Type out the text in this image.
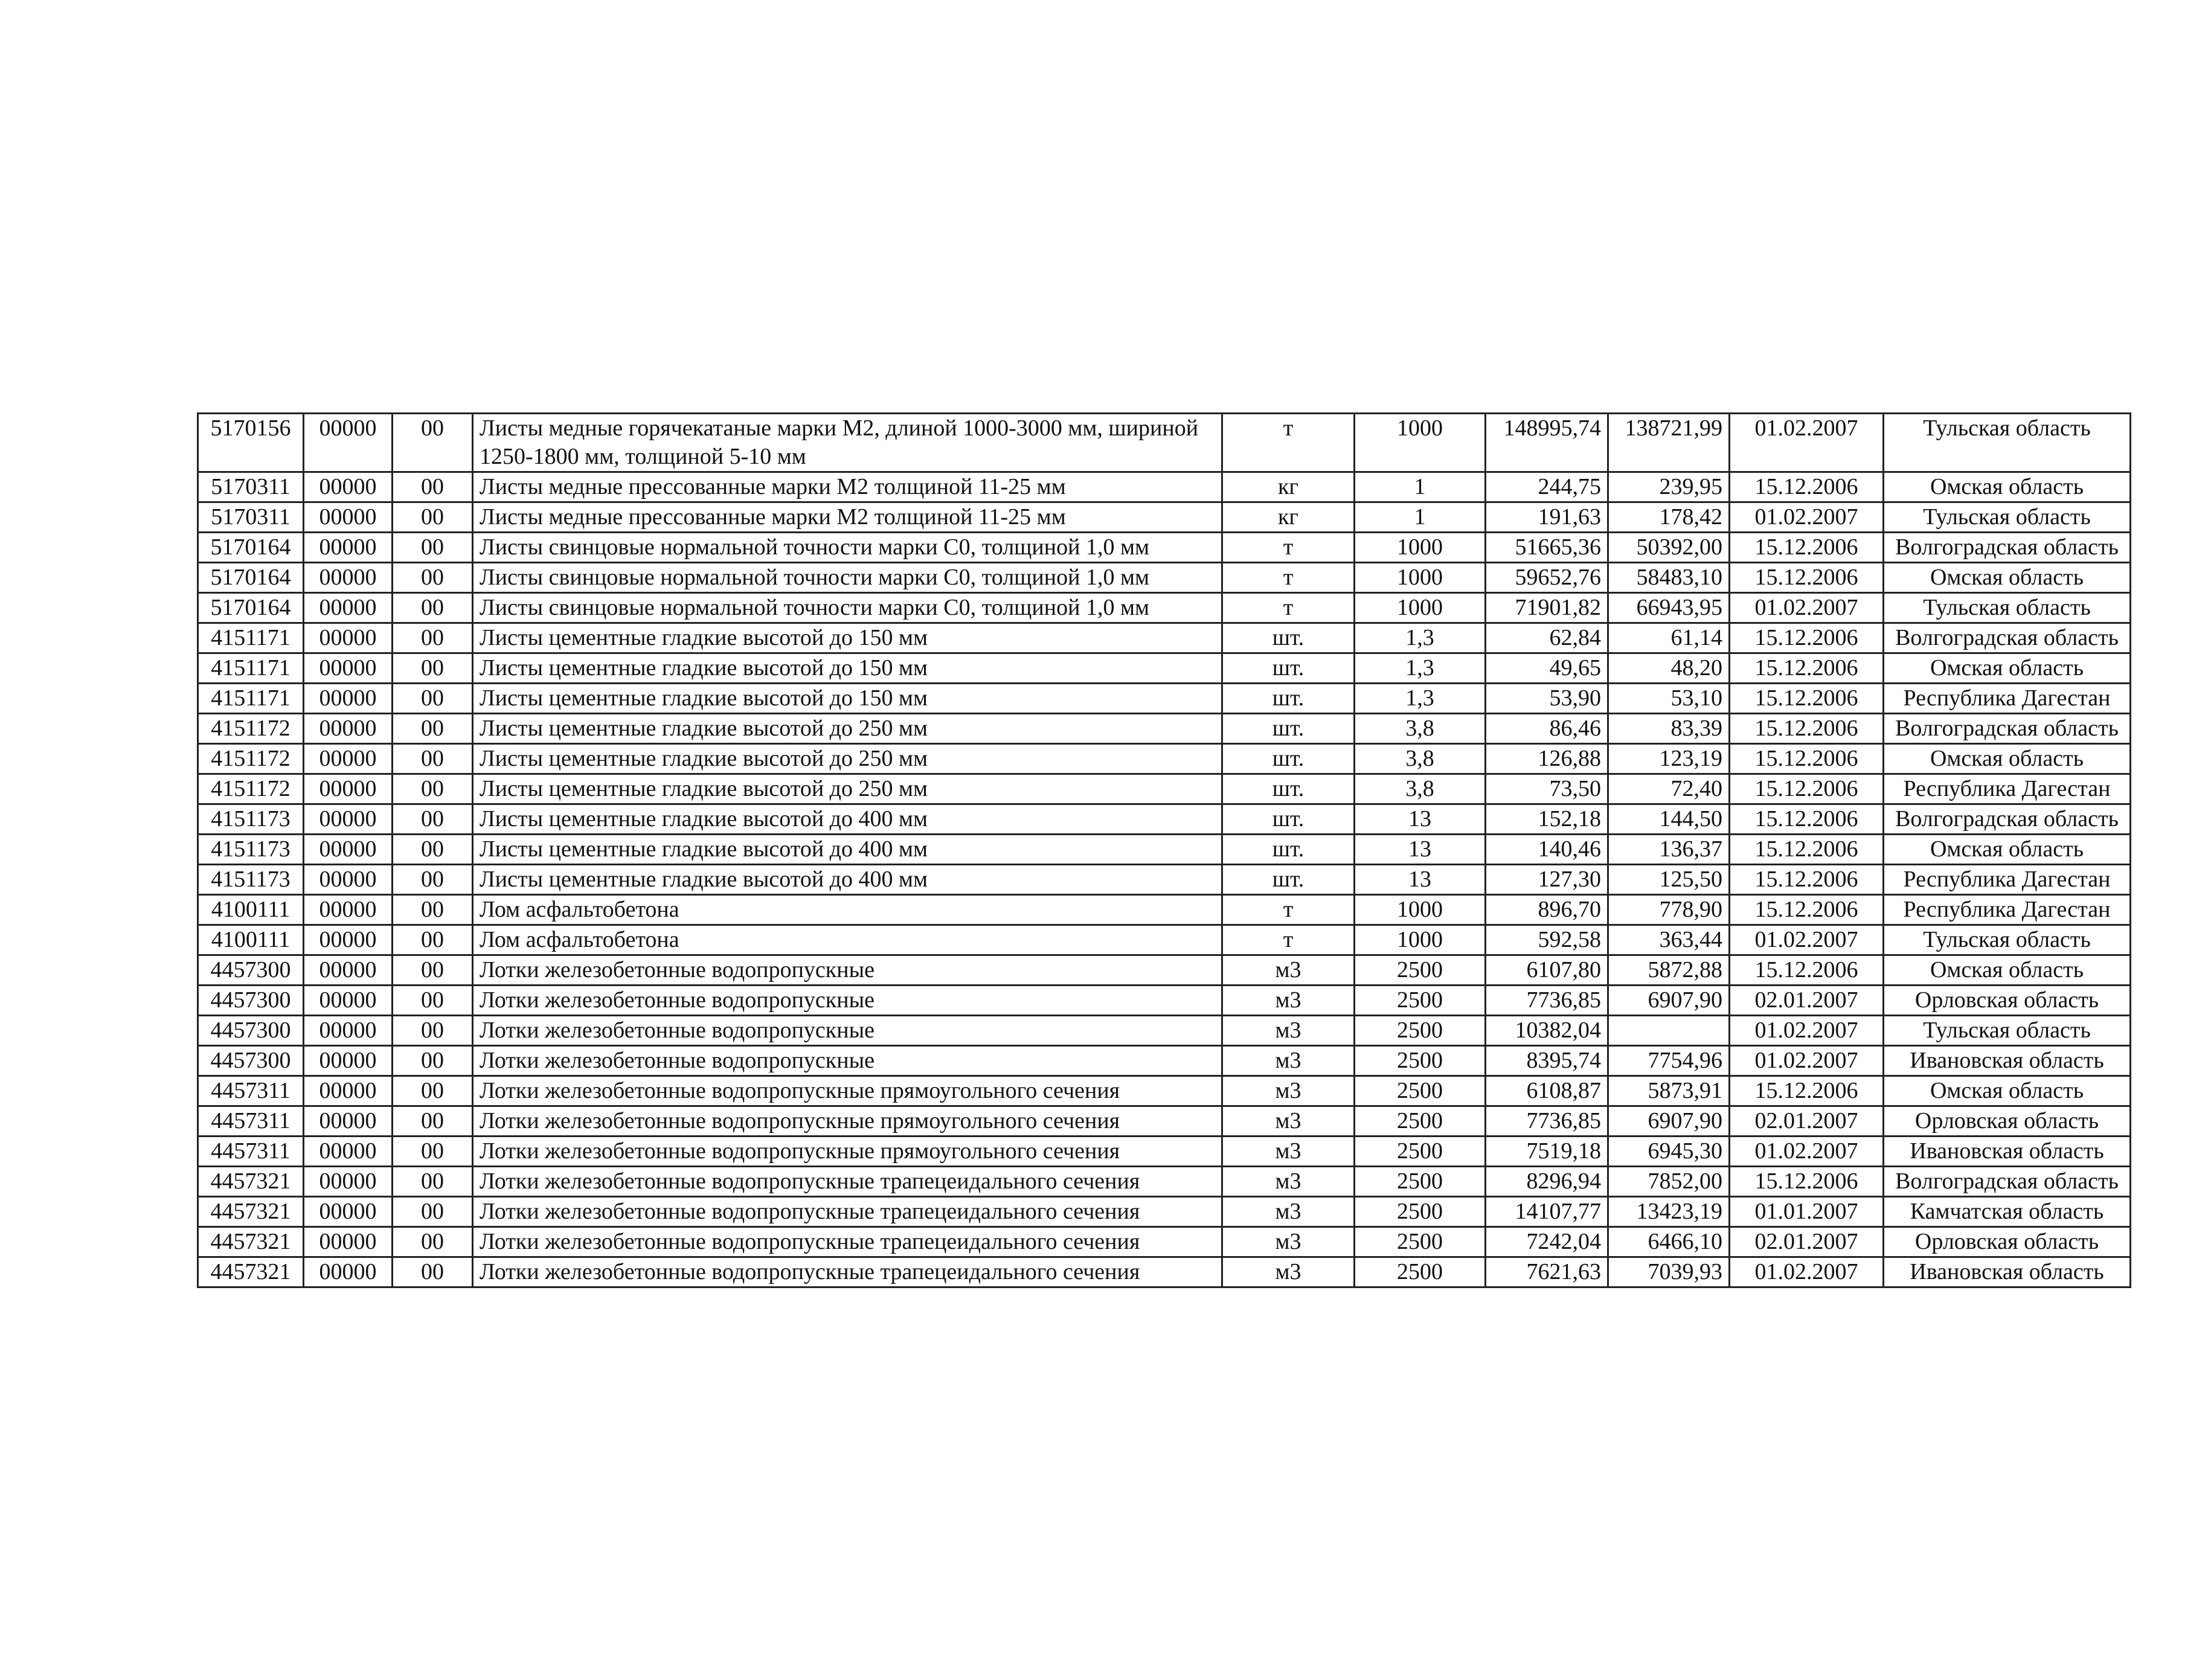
5170156	00000	00	Листы медные горячекатаные марки М2, длиной 1000-3000 мм, шириной 1250-1800 мм, толщиной 5-10 мм	т	1000	148995,74	138721,99	01.02.2007	Тульская область
5170311	00000	00	Листы медные прессованные марки М2 толщиной 11-25 мм	кг	1	244,75	239,95	15.12.2006	Омская область
5170311	00000	00	Листы медные прессованные марки М2 толщиной 11-25 мм	кг	1	191,63	178,42	01.02.2007	Тульская область
5170164	00000	00	Листы свинцовые нормальной точности марки С0, толщиной 1,0 мм	т	1000	51665,36	50392,00	15.12.2006	Волгоградская область
5170164	00000	00	Листы свинцовые нормальной точности марки С0, толщиной 1,0 мм	т	1000	59652,76	58483,10	15.12.2006	Омская область
5170164	00000	00	Листы свинцовые нормальной точности марки С0, толщиной 1,0 мм	т	1000	71901,82	66943,95	01.02.2007	Тульская область
4151171	00000	00	Листы цементные гладкие высотой до 150 мм	шт.	1,3	62,84	61,14	15.12.2006	Волгоградская область
4151171	00000	00	Листы цементные гладкие высотой до 150 мм	шт.	1,3	49,65	48,20	15.12.2006	Омская область
4151171	00000	00	Листы цементные гладкие высотой до 150 мм	шт.	1,3	53,90	53,10	15.12.2006	Республика Дагестан
4151172	00000	00	Листы цементные гладкие высотой до 250 мм	шт.	3,8	86,46	83,39	15.12.2006	Волгоградская область
4151172	00000	00	Листы цементные гладкие высотой до 250 мм	шт.	3,8	126,88	123,19	15.12.2006	Омская область
4151172	00000	00	Листы цементные гладкие высотой до 250 мм	шт.	3,8	73,50	72,40	15.12.2006	Республика Дагестан
4151173	00000	00	Листы цементные гладкие высотой до 400 мм	шт.	13	152,18	144,50	15.12.2006	Волгоградская область
4151173	00000	00	Листы цементные гладкие высотой до 400 мм	шт.	13	140,46	136,37	15.12.2006	Омская область
4151173	00000	00	Листы цементные гладкие высотой до 400 мм	шт.	13	127,30	125,50	15.12.2006	Республика Дагестан
4100111	00000	00	Лом асфальтобетона	т	1000	896,70	778,90	15.12.2006	Республика Дагестан
4100111	00000	00	Лом асфальтобетона	т	1000	592,58	363,44	01.02.2007	Тульская область
4457300	00000	00	Лотки железобетонные водопропускные	м3	2500	6107,80	5872,88	15.12.2006	Омская область
4457300	00000	00	Лотки железобетонные водопропускные	м3	2500	7736,85	6907,90	02.01.2007	Орловская область
4457300	00000	00	Лотки железобетонные водопропускные	м3	2500	10382,04		01.02.2007	Тульская область
4457300	00000	00	Лотки железобетонные водопропускные	м3	2500	8395,74	7754,96	01.02.2007	Ивановская область
4457311	00000	00	Лотки железобетонные водопропускные прямоугольного сечения	м3	2500	6108,87	5873,91	15.12.2006	Омская область
4457311	00000	00	Лотки железобетонные водопропускные прямоугольного сечения	м3	2500	7736,85	6907,90	02.01.2007	Орловская область
4457311	00000	00	Лотки железобетонные водопропускные прямоугольного сечения	м3	2500	7519,18	6945,30	01.02.2007	Ивановская область
4457321	00000	00	Лотки железобетонные водопропускные трапецеидального сечения	м3	2500	8296,94	7852,00	15.12.2006	Волгоградская область
4457321	00000	00	Лотки железобетонные водопропускные трапецеидального сечения	м3	2500	14107,77	13423,19	01.01.2007	Камчатская область
4457321	00000	00	Лотки железобетонные водопропускные трапецеидального сечения	м3	2500	7242,04	6466,10	02.01.2007	Орловская область
4457321	00000	00	Лотки железобетонные водопропускные трапецеидального сечения	м3	2500	7621,63	7039,93	01.02.2007	Ивановская область
